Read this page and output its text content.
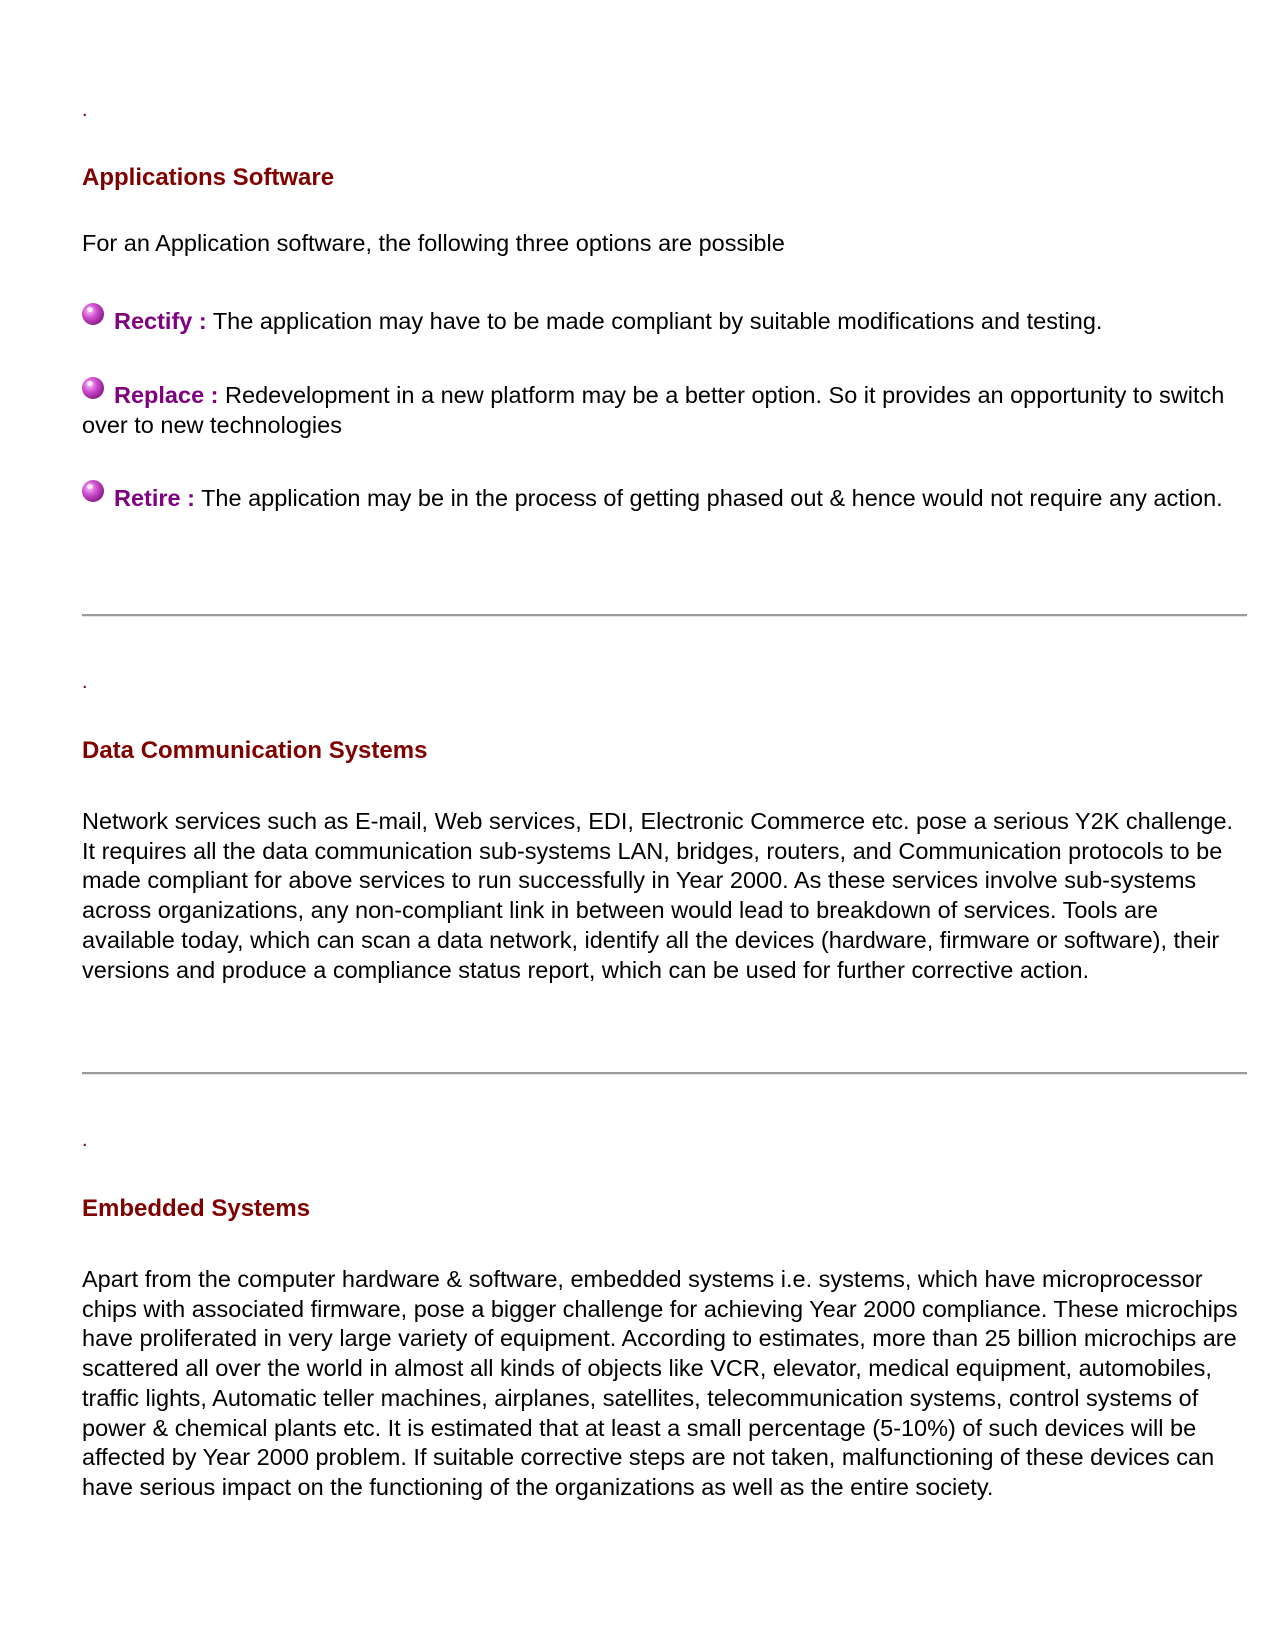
.
Applications Software

For an Application software, the following three options are possible

Rectify : The application may have to be made compliant by suitable modifications and testing.

Replace : Redevelopment in a new platform may be a better option. So it provides an opportunity to switch over to new technologies

Retire : The application may be in the process of getting phased out & hence would not require any action.

.
Data Communication Systems

Network services such as E-mail, Web services, EDI, Electronic Commerce etc. pose a serious Y2K challenge. It requires all the data communication sub-systems LAN, bridges, routers, and Communication protocols to be made compliant for above services to run successfully in Year 2000. As these services involve sub-systems across organizations, any non-compliant link in between would lead to breakdown of services. Tools are available today, which can scan a data network, identify all the devices (hardware, firmware or software), their versions and produce a compliance status report, which can be used for further corrective action.

.
Embedded Systems

Apart from the computer hardware & software, embedded systems i.e. systems, which have microprocessor chips with associated firmware, pose a bigger challenge for achieving Year 2000 compliance. These microchips have proliferated in very large variety of equipment. According to estimates, more than 25 billion microchips are scattered all over the world in almost all kinds of objects like VCR, elevator, medical equipment, automobiles, traffic lights, Automatic teller machines, airplanes, satellites, telecommunication systems, control systems of power & chemical plants etc. It is estimated that at least a small percentage (5-10%) of such devices will be affected by Year 2000 problem. If suitable corrective steps are not taken, malfunctioning of these devices can have serious impact on the functioning of the organizations as well as the entire society.
